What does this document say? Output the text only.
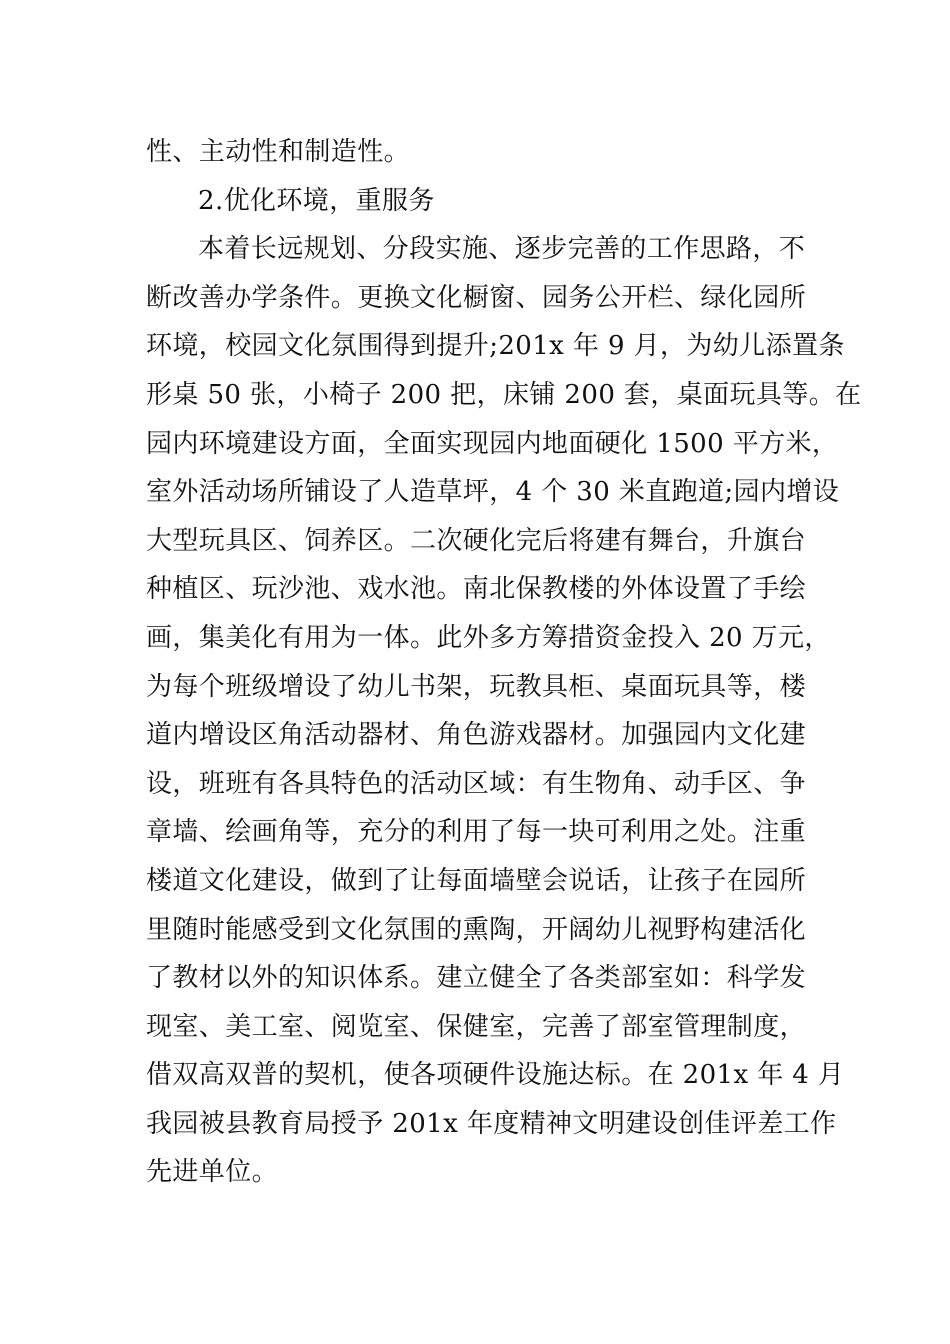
性、主动性和制造性。
2.优化环境，重服务
本着长远规划、分段实施、逐步完善的工作思路，不
断改善办学条件。更换文化橱窗、园务公开栏、绿化园所
环境，校园文化氛围得到提升;201x 年 9 月，为幼儿添置条
形桌 50 张，小椅子 200 把，床铺 200 套，桌面玩具等。在
园内环境建设方面，全面实现园内地面硬化 1500 平方米，
室外活动场所铺设了人造草坪，4 个 30 米直跑道;园内增设
大型玩具区、饲养区。二次硬化完后将建有舞台，升旗台
种植区、玩沙池、戏水池。南北保教楼的外体设置了手绘
画，集美化有用为一体。此外多方筹措资金投入 20 万元，
为每个班级增设了幼儿书架，玩教具柜、桌面玩具等，楼
道内增设区角活动器材、角色游戏器材。加强园内文化建
设，班班有各具特色的活动区域：有生物角、动手区、争
章墙、绘画角等，充分的利用了每一块可利用之处。注重
楼道文化建设，做到了让每面墙壁会说话，让孩子在园所
里随时能感受到文化氛围的熏陶，开阔幼儿视野构建活化
了教材以外的知识体系。建立健全了各类部室如：科学发
现室、美工室、阅览室、保健室，完善了部室管理制度，
借双高双普的契机，使各项硬件设施达标。在 201x 年 4 月
我园被县教育局授予 201x 年度精神文明建设创佳评差工作
先进单位。
